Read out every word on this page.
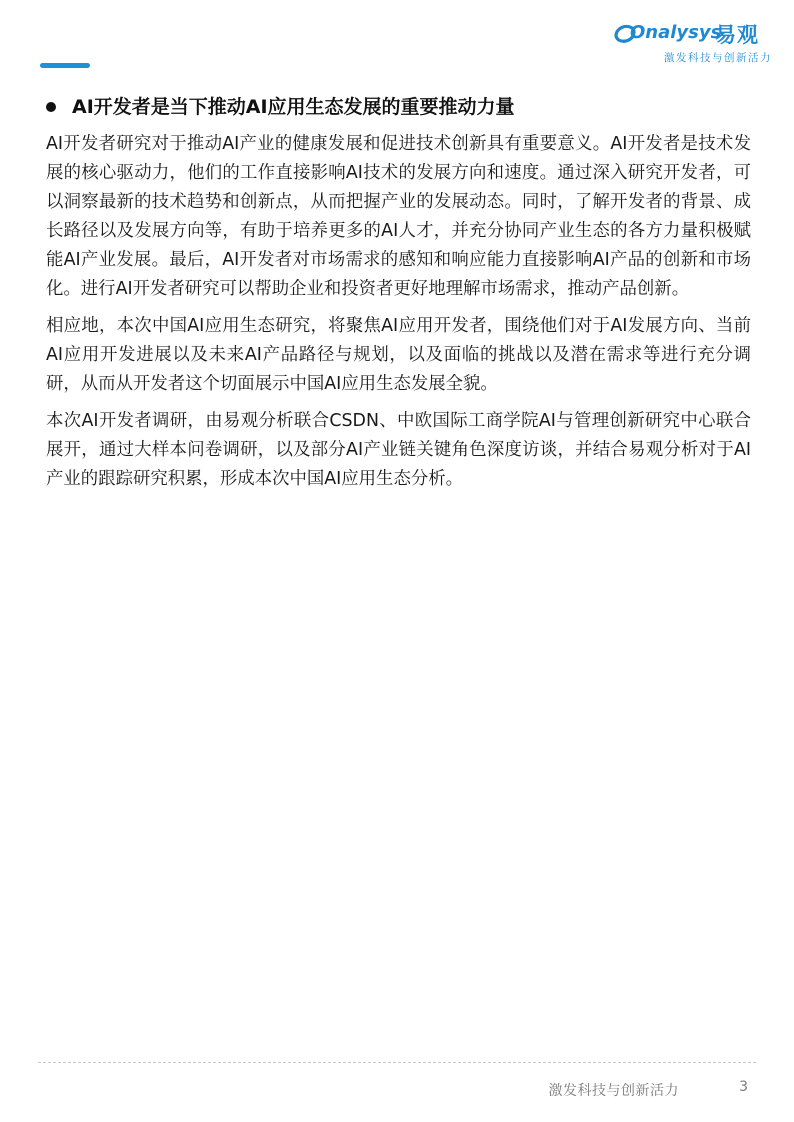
Onalysys
易观
激发科技与创新活力
AI开发者是当下推动AI应用生态发展的重要推动力量

AI开发者研究对于推动AI产业的健康发展和促进技术创新具有重要意义。AI开发者是技术发展的核心驱动力，他们的工作直接影响AI技术的发展方向和速度。通过深入研究开发者，可以洞察最新的技术趋势和创新点，从而把握产业的发展动态。同时，了解开发者的背景、成长路径以及发展方向等，有助于培养更多的AI人才，并充分协同产业生态的各方力量积极赋能AI产业发展。最后，AI开发者对市场需求的感知和响应能力直接影响AI产品的创新和市场化。进行AI开发者研究可以帮助企业和投资者更好地理解市场需求，推动产品创新。

相应地，本次中国AI应用生态研究，将聚焦AI应用开发者，围绕他们对于AI发展方向、当前AI应用开发进展以及未来AI产品路径与规划，以及面临的挑战以及潜在需求等进行充分调研，从而从开发者这个切面展示中国AI应用生态发展全貌。

本次AI开发者调研，由易观分析联合CSDN、中欧国际工商学院AI与管理创新研究中心联合展开，通过大样本问卷调研，以及部分AI产业链关键角色深度访谈，并结合易观分析对于AI产业的跟踪研究积累，形成本次中国AI应用生态分析。

激发科技与创新活力	3
